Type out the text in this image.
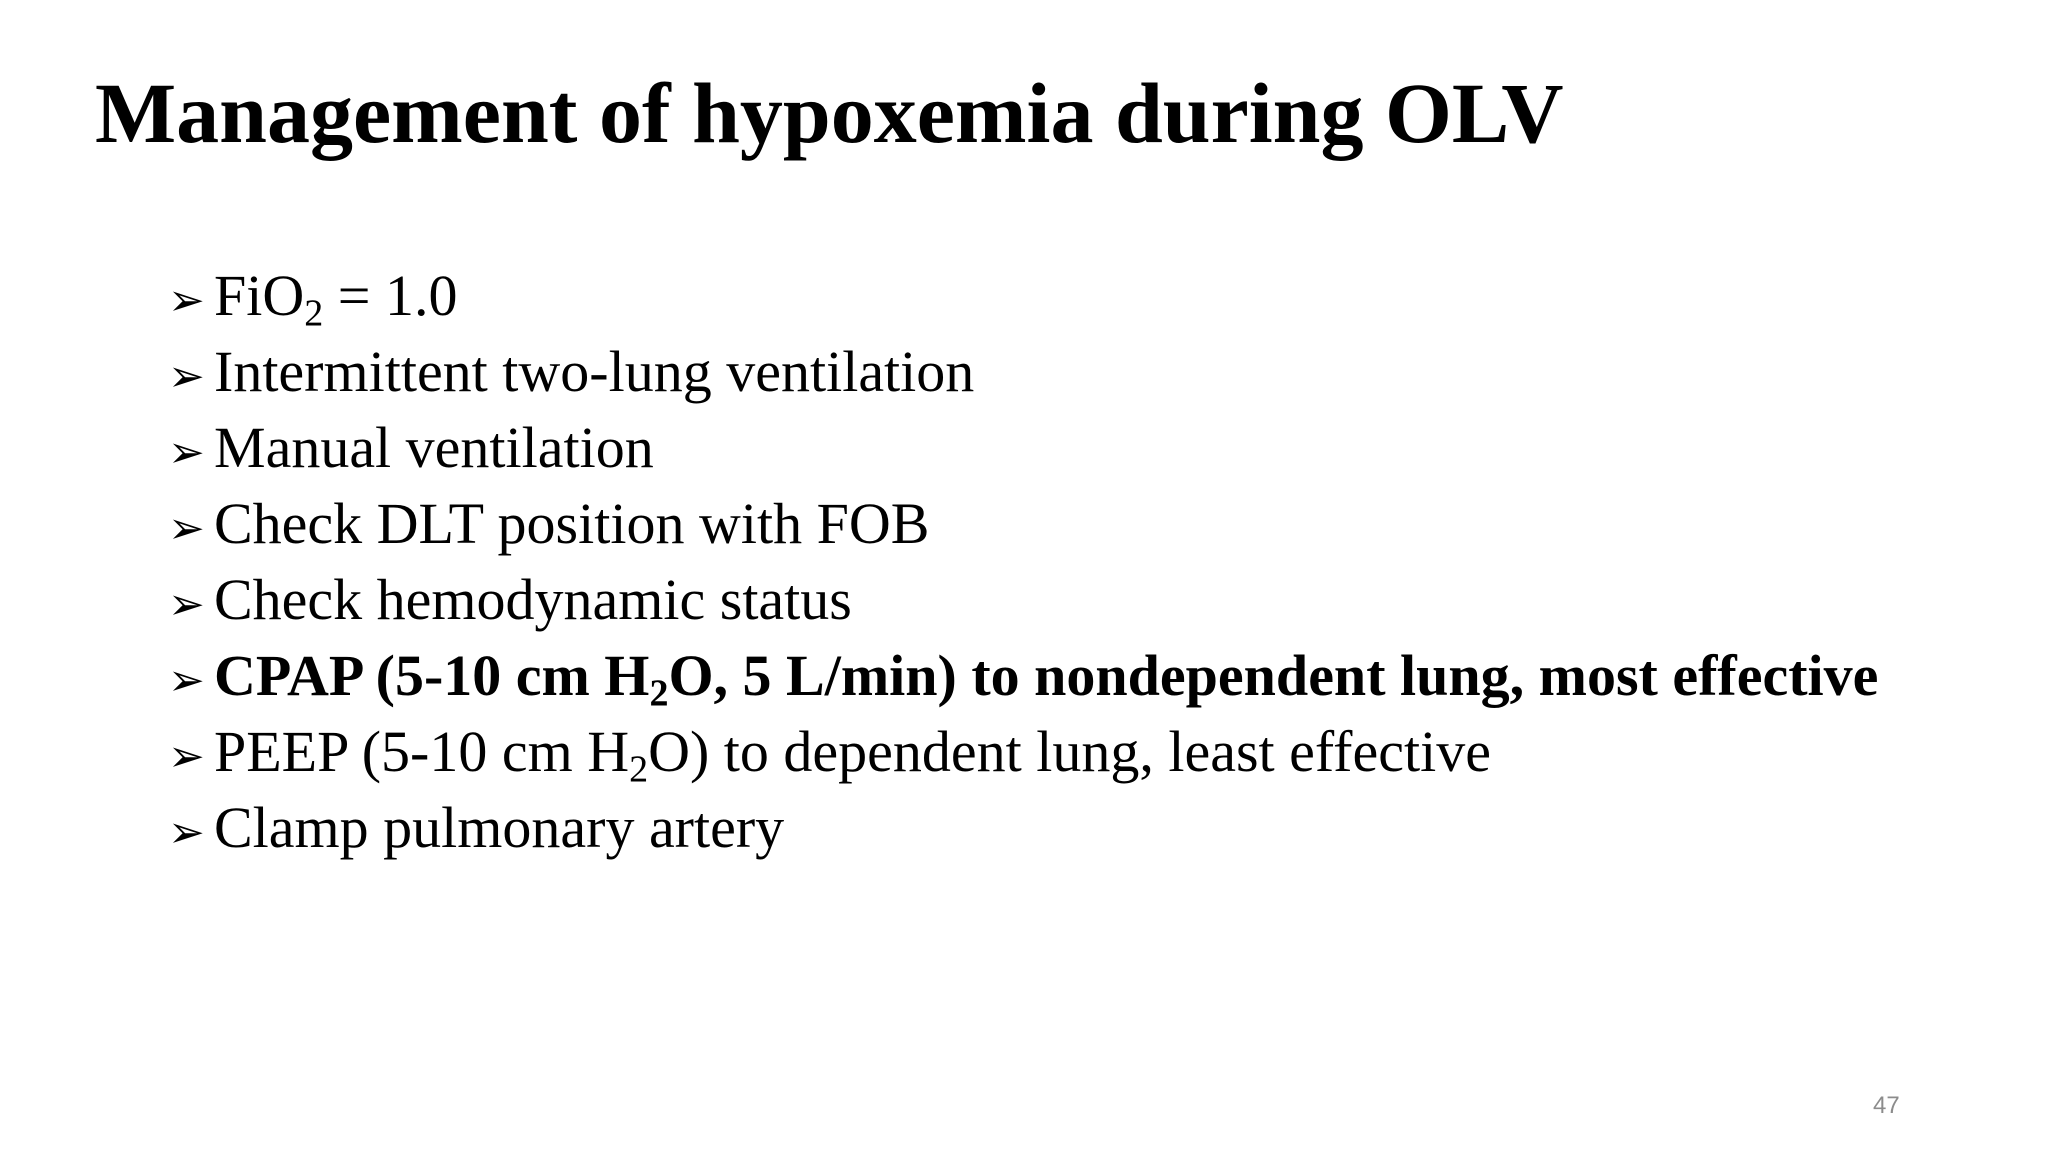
Management of hypoxemia during OLV
➢ FiO$_2$ = 1.0
➢ Intermittent two-lung ventilation
➢ Manual ventilation
➢ Check DLT position with FOB
➢ Check hemodynamic status
➢ CPAP (5-10 cm $H_2O$, 5 L/min) to nondependent lung, most effective
➢ PEEP (5-10 cm $H_2O$) to dependent lung, least effective
➢ Clamp pulmonary artery
47
